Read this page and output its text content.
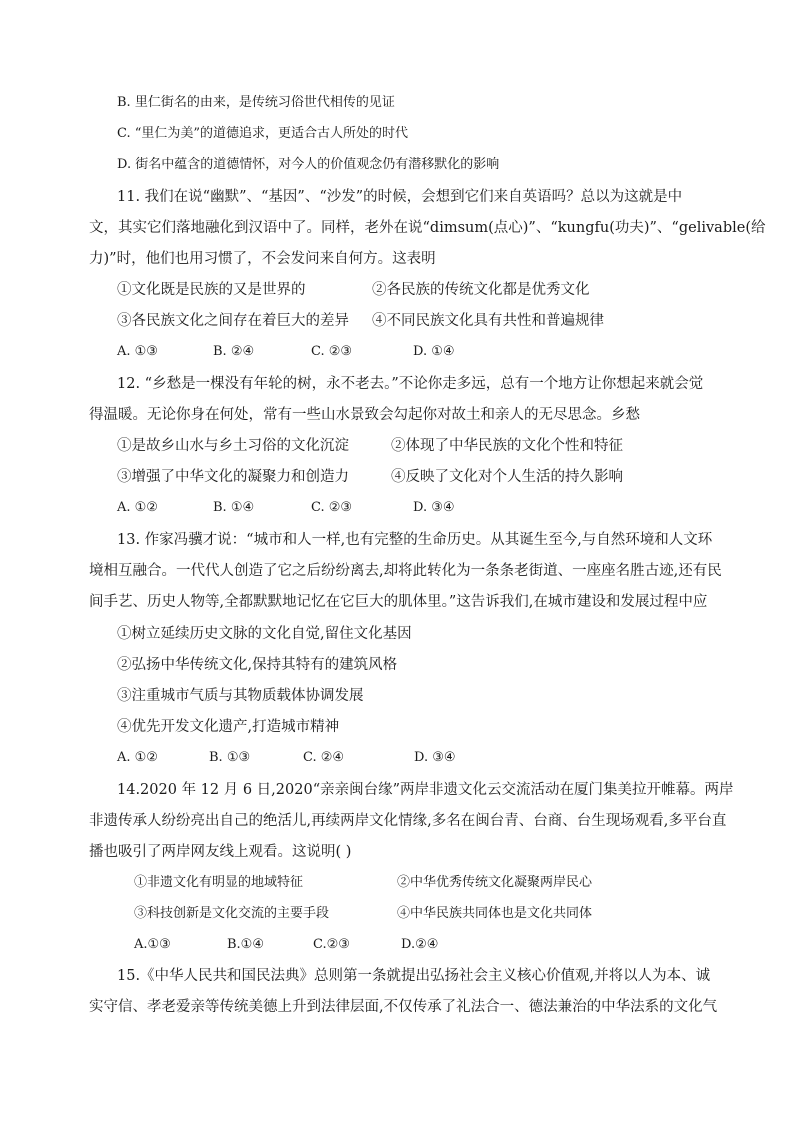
B. 里仁街名的由来，是传统习俗世代相传的见证
C. “里仁为美”的道德追求，更适合古人所处的时代
D. 街名中蕴含的道德情怀，对今人的价值观念仍有潜移默化的影响
11. 我们在说“幽默”、“基因”、“沙发”的时候，会想到它们来自英语吗？总以为这就是中
文，其实它们落地融化到汉语中了。同样，老外在说“dimsum(点心)”、“kungfu(功夫)”、“gelivable(给
力)”时，他们也用习惯了，不会发问来自何方。这表明
①文化既是民族的又是世界的	②各民族的传统文化都是优秀文化
③各民族文化之间存在着巨大的差异	④不同民族文化具有共性和普遍规律
A. ①③	B. ②④	C. ②③	D. ①④
12. “乡愁是一棵没有年轮的树，永不老去。”不论你走多远，总有一个地方让你想起来就会觉
得温暖。无论你身在何处，常有一些山水景致会勾起你对故土和亲人的无尽思念。乡愁
①是故乡山水与乡土习俗的文化沉淀	②体现了中华民族的文化个性和特征
③增强了中华文化的凝聚力和创造力	④反映了文化对个人生活的持久影响
A. ①②	B. ①④	C. ②③	D. ③④
13. 作家冯骥才说：“城市和人一样,也有完整的生命历史。从其诞生至今,与自然环境和人文环
境相互融合。一代代人创造了它之后纷纷离去,却将此转化为一条条老街道、一座座名胜古迹,还有民
间手艺、历史人物等,全都默默地记忆在它巨大的肌体里。”这告诉我们,在城市建设和发展过程中应
①树立延续历史文脉的文化自觉,留住文化基因
②弘扬中华传统文化,保持其特有的建筑风格
③注重城市气质与其物质载体协调发展
④优先开发文化遗产,打造城市精神
A. ①②	B. ①③	C. ②④	D. ③④
14.2020 年 12 月 6 日,2020“亲亲闽台缘”两岸非遗文化云交流活动在厦门集美拉开帷幕。两岸
非遗传承人纷纷亮出自己的绝活儿,再续两岸文化情缘,多名在闽台青、台商、台生现场观看,多平台直
播也吸引了两岸网友线上观看。这说明( )
①非遗文化有明显的地域特征	②中华优秀传统文化凝聚两岸民心
③科技创新是文化交流的主要手段	④中华民族共同体也是文化共同体
A.①③	B.①④	C.②③	D.②④
15.《中华人民共和国民法典》总则第一条就提出弘扬社会主义核心价值观,并将以人为本、诚
实守信、孝老爱亲等传统美德上升到法律层面,不仅传承了礼法合一、德法兼治的中华法系的文化气
